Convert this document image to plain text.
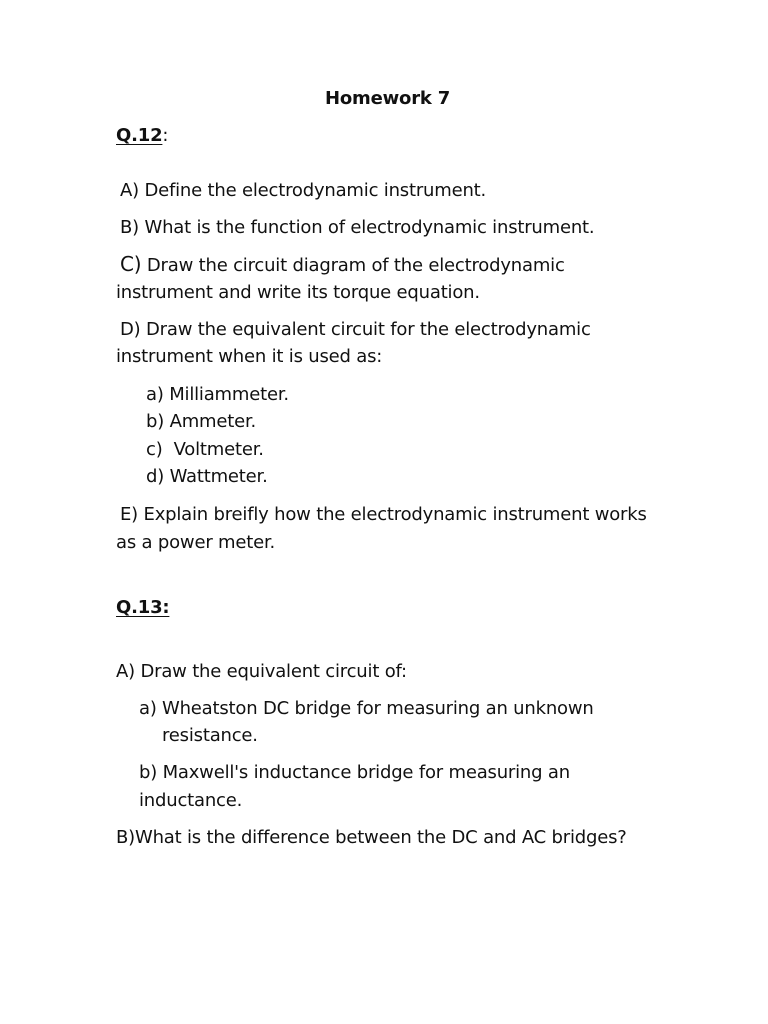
Homework 7
Q.12:
A) Define the electrodynamic instrument.
B) What is the function of electrodynamic instrument.
C) Draw the circuit diagram of the electrodynamic
instrument and write its torque equation.
D) Draw the equivalent circuit for the electrodynamic
instrument when it is used as:
a) Milliammeter.
b) Ammeter.
c)  Voltmeter.
d) Wattmeter.
E) Explain breifly how the electrodynamic instrument works
as a power meter.
Q.13:
A) Draw the equivalent circuit of:
a) Wheatston DC bridge for measuring an unknown
resistance.
b) Maxwell's inductance bridge for measuring an
inductance.
B)What is the difference between the DC and AC bridges?
